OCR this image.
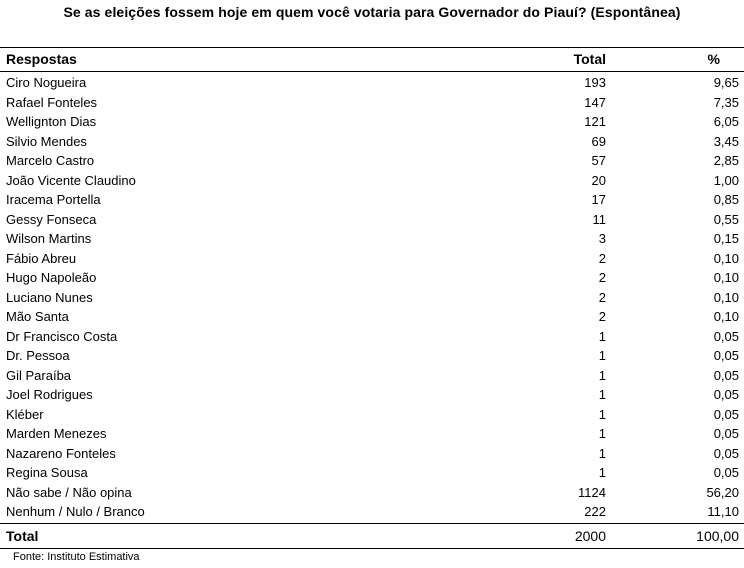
Se as eleições fossem hoje em quem você votaria para Governador do Piauí? (Espontânea)
Respostas	Total	%
Ciro Nogueira	193	9,65
Rafael Fonteles	147	7,35
Wellignton Dias	121	6,05
Silvio Mendes	69	3,45
Marcelo Castro	57	2,85
João Vicente Claudino	20	1,00
Iracema Portella	17	0,85
Gessy Fonseca	11	0,55
Wilson Martins	3	0,15
Fábio Abreu	2	0,10
Hugo Napoleão	2	0,10
Luciano Nunes	2	0,10
Mão Santa	2	0,10
Dr Francisco Costa	1	0,05
Dr. Pessoa	1	0,05
Gil Paraíba	1	0,05
Joel Rodrigues	1	0,05
Kléber	1	0,05
Marden Menezes	1	0,05
Nazareno Fonteles	1	0,05
Regina Sousa	1	0,05
Não sabe / Não opina	1124	56,20
Nenhum / Nulo / Branco	222	11,10
Total	2000	100,00
Fonte: Instituto Estimativa
